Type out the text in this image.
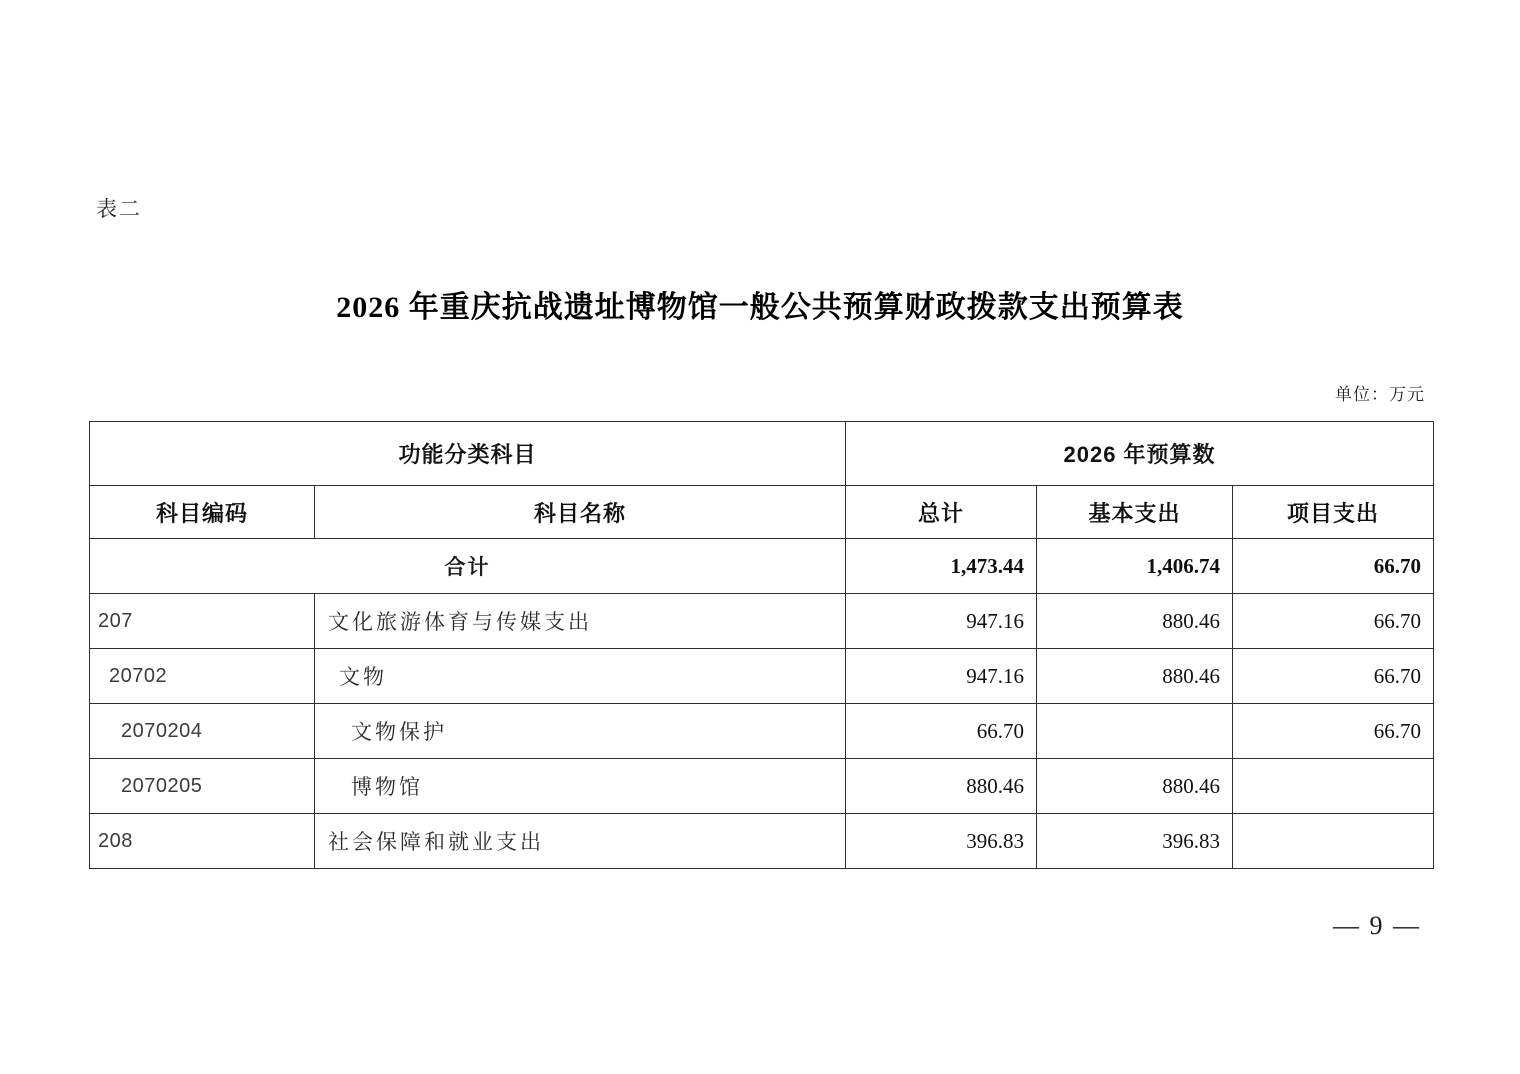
表二
2026 年重庆抗战遗址博物馆一般公共预算财政拨款支出预算表
单位：万元
功能分类科目		2026 年预算数		
科目编码	科目名称	总计	基本支出	项目支出
合计		1,473.44	1,406.74	66.70
207	文化旅游体育与传媒支出	947.16	880.46	66.70
20702	文物	947.16	880.46	66.70
2070204	文物保护	66.70		66.70
2070205	博物馆	880.46	880.46	
208	社会保障和就业支出	396.83	396.83	
— 9 —
